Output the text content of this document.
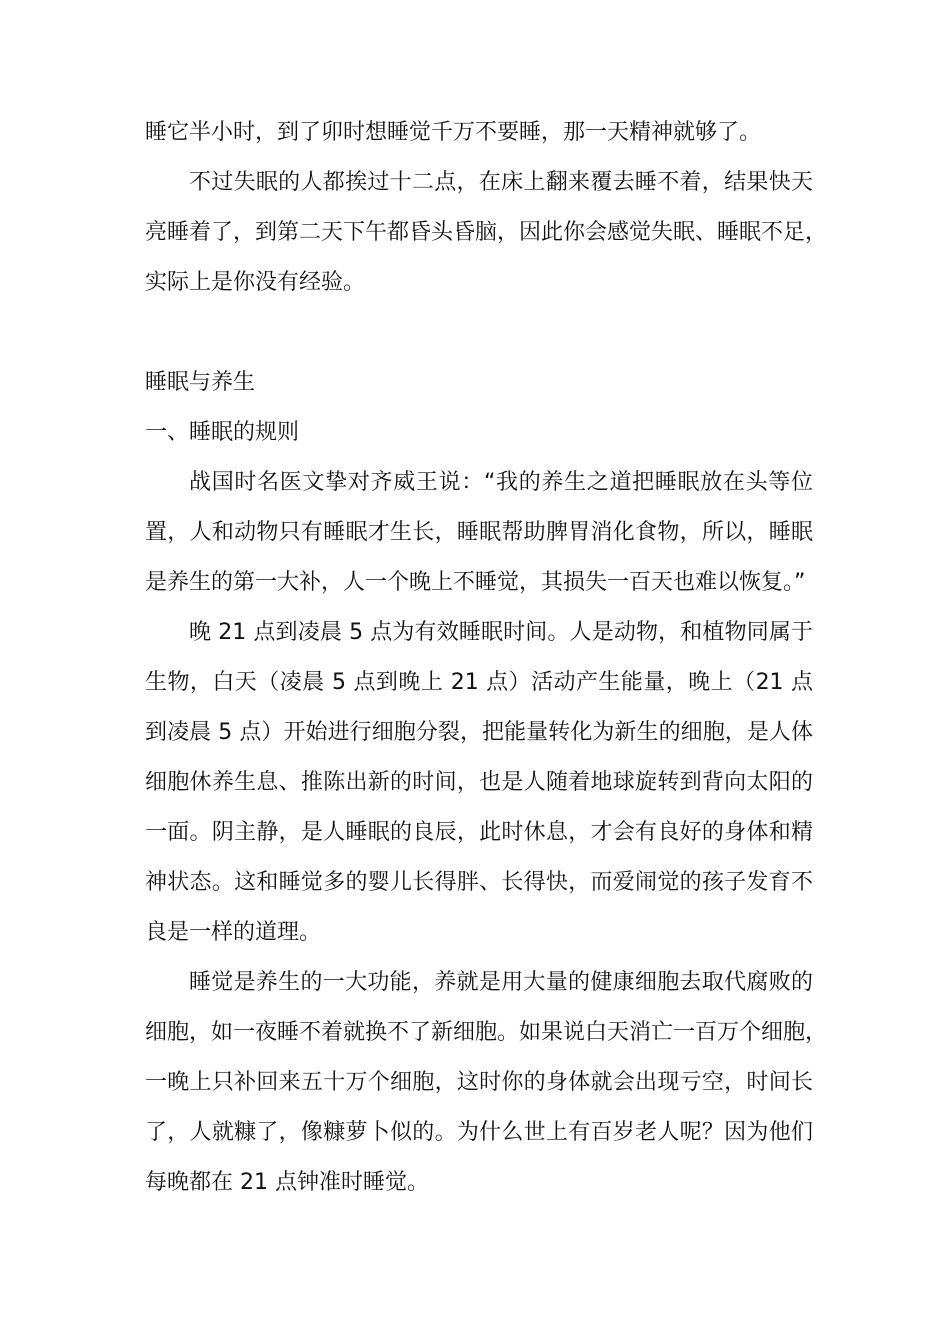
睡它半小时，到了卯时想睡觉千万不要睡，那一天精神就够了。
不过失眠的人都挨过十二点，在床上翻来覆去睡不着，结果快天
亮睡着了，到第二天下午都昏头昏脑，因此你会感觉失眠、睡眠不足，
实际上是你没有经验。
睡眠与养生
一、睡眠的规则
战国时名医文挚对齐威王说：“我的养生之道把睡眠放在头等位
置，人和动物只有睡眠才生长，睡眠帮助脾胃消化食物，所以，睡眠
是养生的第一大补，人一个晚上不睡觉，其损失一百天也难以恢复。”
晚 21 点到凌晨 5 点为有效睡眠时间。人是动物，和植物同属于
生物，白天（凌晨 5 点到晚上 21 点）活动产生能量，晚上（21 点
到凌晨 5 点）开始进行细胞分裂，把能量转化为新生的细胞，是人体
细胞休养生息、推陈出新的时间，也是人随着地球旋转到背向太阳的
一面。阴主静，是人睡眠的良辰，此时休息，才会有良好的身体和精
神状态。这和睡觉多的婴儿长得胖、长得快，而爱闹觉的孩子发育不
良是一样的道理。
睡觉是养生的一大功能，养就是用大量的健康细胞去取代腐败的
细胞，如一夜睡不着就换不了新细胞。如果说白天消亡一百万个细胞，
一晚上只补回来五十万个细胞，这时你的身体就会出现亏空，时间长
了，人就糠了，像糠萝卜似的。为什么世上有百岁老人呢？因为他们
每晚都在 21 点钟准时睡觉。
